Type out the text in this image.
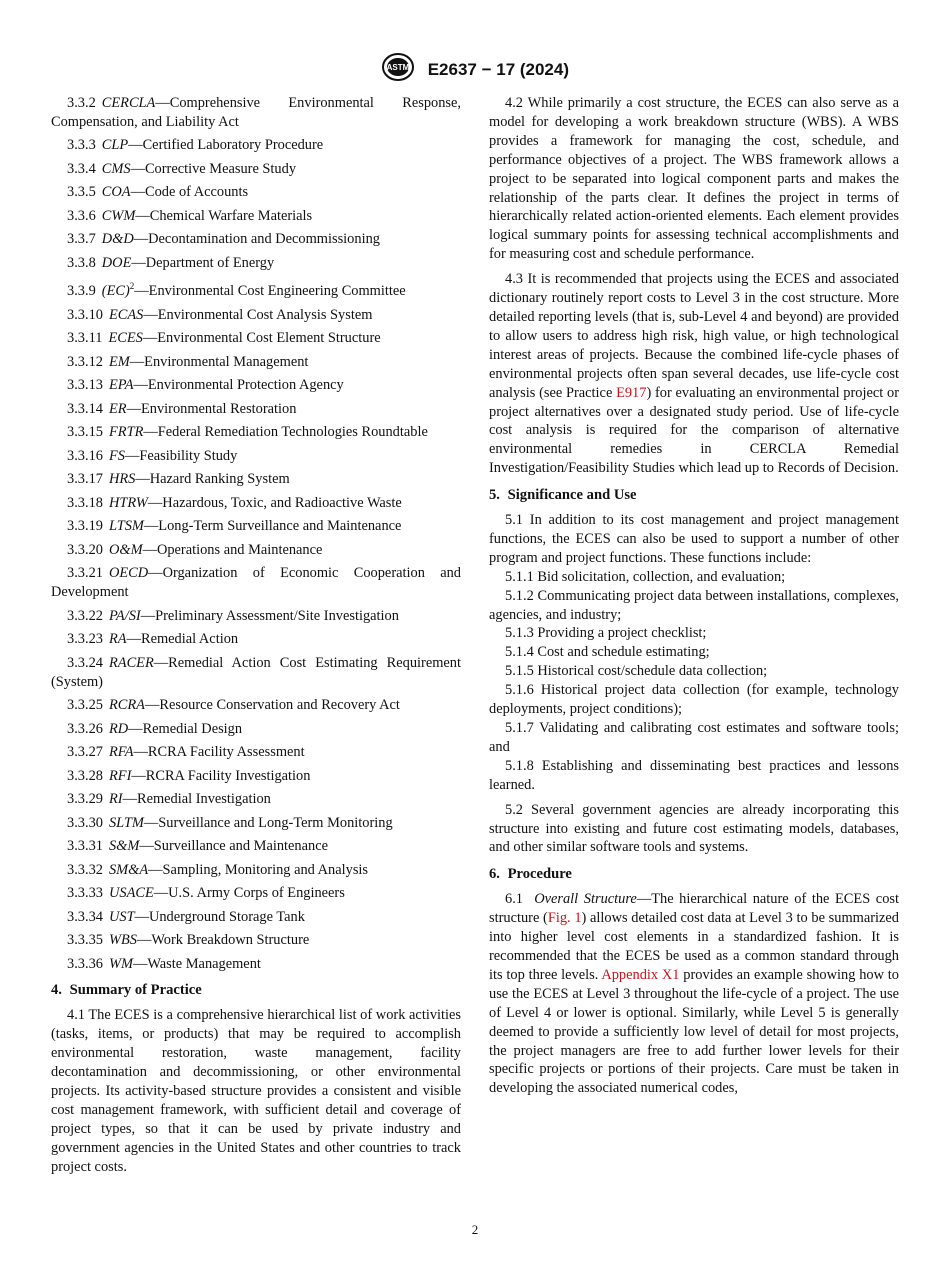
ASTM E2637 − 17 (2024)

3.3.2 CERCLA—Comprehensive Environmental Response, Compensation, and Liability Act

3.3.3 CLP—Certified Laboratory Procedure

3.3.4 CMS—Corrective Measure Study

3.3.5 COA—Code of Accounts

3.3.6 CWM—Chemical Warfare Materials

3.3.7 D&D—Decontamination and Decommissioning

3.3.8 DOE—Department of Energy

3.3.9 (EC)$^2$—Environmental Cost Engineering Committee

3.3.10 ECAS—Environmental Cost Analysis System

3.3.11 ECES—Environmental Cost Element Structure

3.3.12 EM—Environmental Management

3.3.13 EPA—Environmental Protection Agency

3.3.14 ER—Environmental Restoration

3.3.15 FRTR—Federal Remediation Technologies Roundtable

3.3.16 FS—Feasibility Study

3.3.17 HRS—Hazard Ranking System

3.3.18 HTRW—Hazardous, Toxic, and Radioactive Waste

3.3.19 LTSM—Long-Term Surveillance and Maintenance

3.3.20 O&M—Operations and Maintenance

3.3.21 OECD—Organization of Economic Cooperation and Development

3.3.22 PA/SI—Preliminary Assessment/Site Investigation

3.3.23 RA—Remedial Action

3.3.24 RACER—Remedial Action Cost Estimating Requirement (System)

3.3.25 RCRA—Resource Conservation and Recovery Act

3.3.26 RD—Remedial Design

3.3.27 RFA—RCRA Facility Assessment

3.3.28 RFI—RCRA Facility Investigation

3.3.29 RI—Remedial Investigation

3.3.30 SLTM—Surveillance and Long-Term Monitoring

3.3.31 S&M—Surveillance and Maintenance

3.3.32 SM&A—Sampling, Monitoring and Analysis

3.3.33 USACE—U.S. Army Corps of Engineers

3.3.34 UST—Underground Storage Tank

3.3.35 WBS—Work Breakdown Structure

3.3.36 WM—Waste Management

4. Summary of Practice

4.1 The ECES is a comprehensive hierarchical list of work activities (tasks, items, or products) that may be required to accomplish environmental restoration, waste management, facility decontamination and decommissioning, or other environmental projects. Its activity-based structure provides a consistent and visible cost management framework, with sufficient detail and coverage of project types, so that it can be used by private industry and government agencies in the United States and other countries to track project costs.

4.2 While primarily a cost structure, the ECES can also serve as a model for developing a work breakdown structure (WBS). A WBS provides a framework for managing the cost, schedule, and performance objectives of a project. The WBS framework allows a project to be separated into logical component parts and makes the relationship of the parts clear. It defines the project in terms of hierarchically related action-oriented elements. Each element provides logical summary points for assessing technical accomplishments and for measuring cost and schedule performance.

4.3 It is recommended that projects using the ECES and associated dictionary routinely report costs to Level 3 in the cost structure. More detailed reporting levels (that is, sub-Level 4 and beyond) are provided to allow users to address high risk, high value, or high technological interest areas of projects. Because the combined life-cycle phases of environmental projects often span several decades, use life-cycle cost analysis (see Practice E917) for evaluating an environmental project or project alternatives over a designated study period. Use of life-cycle cost analysis is required for the comparison of alternative environmental remedies in CERCLA Remedial Investigation/Feasibility Studies which lead up to Records of Decision.

5. Significance and Use

5.1 In addition to its cost management and project management functions, the ECES can also be used to support a number of other program and project functions. These functions include:

5.1.1 Bid solicitation, collection, and evaluation;

5.1.2 Communicating project data between installations, complexes, agencies, and industry;

5.1.3 Providing a project checklist;

5.1.4 Cost and schedule estimating;

5.1.5 Historical cost/schedule data collection;

5.1.6 Historical project data collection (for example, technology deployments, project conditions);

5.1.7 Validating and calibrating cost estimates and software tools; and

5.1.8 Establishing and disseminating best practices and lessons learned.

5.2 Several government agencies are already incorporating this structure into existing and future cost estimating models, databases, and other similar software tools and systems.

6. Procedure

6.1 Overall Structure—The hierarchical nature of the ECES cost structure (Fig. 1) allows detailed cost data at Level 3 to be summarized into higher level cost elements in a standardized fashion. It is recommended that the ECES be used as a common standard through its top three levels. Appendix X1 provides an example showing how to use the ECES at Level 3 throughout the life-cycle of a project. The use of Level 4 or lower is optional. Similarly, while Level 5 is generally deemed to provide a sufficiently low level of detail for most projects, the project managers are free to add further lower levels for their specific projects or portions of their projects. Care must be taken in developing the associated numerical codes,

2
